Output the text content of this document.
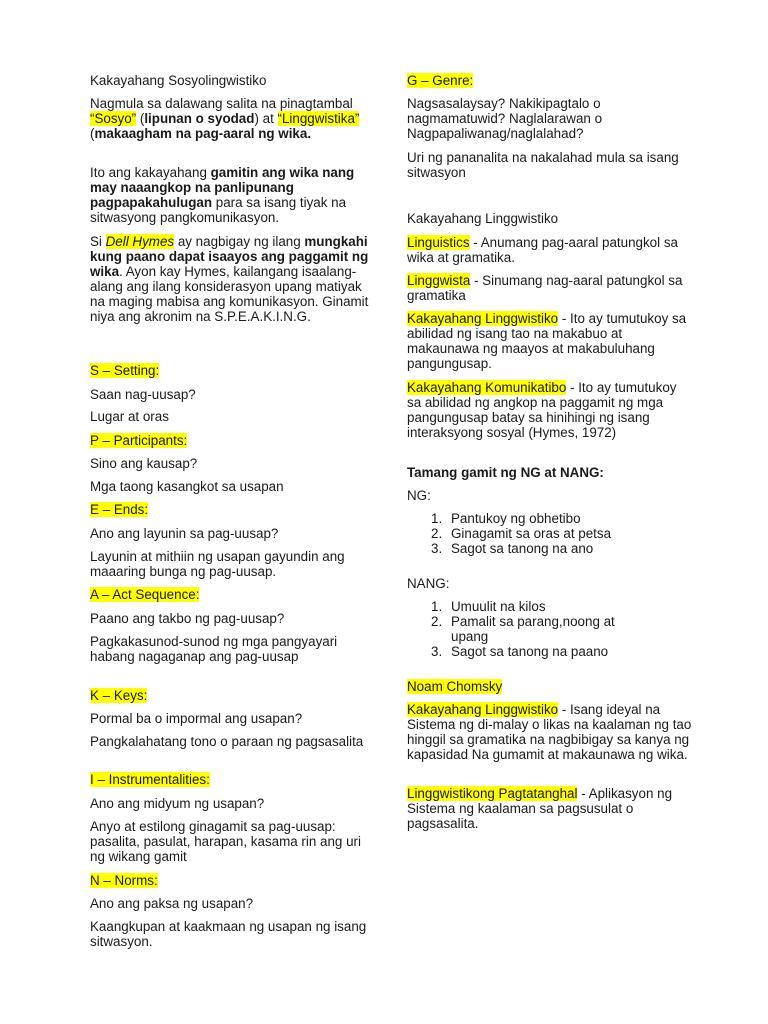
Kakayahang Sosyolingwistiko

Nagmula sa dalawang salita na pinagtambal “Sosyo” (lipunan o syodad) at “Linggwistika” (makaagham na pag-aaral ng wika.

Ito ang kakayahang gamitin ang wika nang may naaangkop na panlipunang pagpapakahulugan para sa isang tiyak na sitwasyong pangkomunikasyon.

Si Dell Hymes ay nagbigay ng ilang mungkahi kung paano dapat isaayos ang paggamit ng wika. Ayon kay Hymes, kailangang isaalang-alang ang ilang konsiderasyon upang matiyak na maging mabisa ang komunikasyon. Ginamit niya ang akronim na S.P.E.A.K.I.N.G.

S – Setting:

Saan nag-uusap?

Lugar at oras

P – Participants:

Sino ang kausap?

Mga taong kasangkot sa usapan

E – Ends:

Ano ang layunin sa pag-uusap?

Layunin at mithiin ng usapan gayundin ang maaaring bunga ng pag-uusap.

A – Act Sequence:

Paano ang takbo ng pag-uusap?

Pagkakasunod-sunod ng mga pangyayari habang nagaganap ang pag-uusap

K – Keys:

Pormal ba o impormal ang usapan?

Pangkalahatang tono o paraan ng pagsasalita

I – Instrumentalities:

Ano ang midyum ng usapan?

Anyo at estilong ginagamit sa pag-uusap: pasalita, pasulat, harapan, kasama rin ang uri ng wikang gamit

N – Norms:

Ano ang paksa ng usapan?

Kaangkupan at kaakmaan ng usapan ng isang sitwasyon.

G – Genre:

Nagsasalaysay? Nakikipagtalo o nagmamatuwid? Naglalarawan o Nagpapaliwanag/naglalahad?

Uri ng pananalita na nakalahad mula sa isang sitwasyon

Kakayahang Linggwistiko

Linguistics - Anumang pag-aaral patungkol sa wika at gramatika.

Linggwista - Sinumang nag-aaral patungkol sa gramatika

Kakayahang Linggwistiko - Ito ay tumutukoy sa abilidad ng isang tao na makabuo at makaunawa ng maayos at makabuluhang pangungusap.

Kakayahang Komunikatibo - Ito ay tumutukoy sa abilidad ng angkop na paggamit ng mga pangungusap batay sa hinihingi ng isang interaksyong sosyal (Hymes, 1972)

Tamang gamit ng NG at NANG:

NG:

1. Pantukoy ng obhetibo
2. Ginagamit sa oras at petsa
3. Sagot sa tanong na ano

NANG:

1. Umuulit na kilos
2. Pamalit sa parang,noong at upang
3. Sagot sa tanong na paano

Noam Chomsky

Kakayahang Linggwistiko - Isang ideyal na Sistema ng di-malay o likas na kaalaman ng tao hinggil sa gramatika na nagbibigay sa kanya ng kapasidad Na gumamit at makaunawa ng wika.

Linggwistikong Pagtatanghal - Aplikasyon ng Sistema ng kaalaman sa pagsusulat o pagsasalita.
